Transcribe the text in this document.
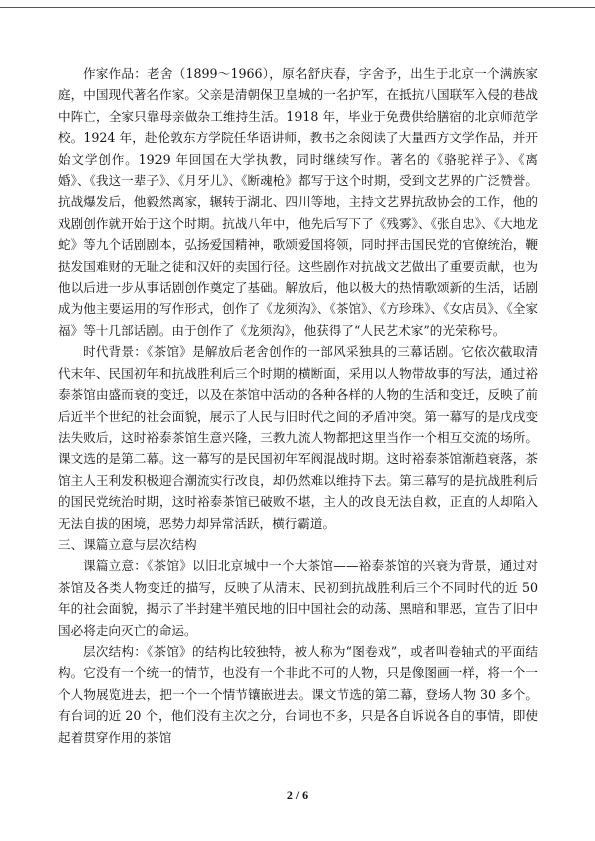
作家作品：老舍（1899～1966），原名舒庆春，字舍予，出生于北京一个满族家庭，中国现代著名作家。父亲是清朝保卫皇城的一名护军，在抵抗八国联军入侵的巷战中阵亡，全家只靠母亲做杂工维持生活。1918 年，毕业于免费供给膳宿的北京师范学校。1924 年，赴伦敦东方学院任华语讲师，教书之余阅读了大量西方文学作品，并开始文学创作。1929 年回国在大学执教，同时继续写作。著名的《骆驼祥子》、《离婚》、《我这一辈子》、《月牙儿》、《断魂枪》都写于这个时期，受到文艺界的广泛赞誉。抗战爆发后，他毅然离家，辗转于湖北、四川等地，主持文艺界抗敌协会的工作，他的戏剧创作就开始于这个时期。抗战八年中，他先后写下了《残雾》、《张自忠》、《大地龙蛇》等九个话剧剧本，弘扬爱国精神，歌颂爱国将领，同时抨击国民党的官僚统治，鞭挞发国难财的无耻之徒和汉奸的卖国行径。这些剧作对抗战文艺做出了重要贡献，也为他以后进一步从事话剧创作奠定了基础。解放后，他以极大的热情歌颂新的生活，话剧成为他主要运用的写作形式，创作了《龙须沟》、《茶馆》、《方珍珠》、《女店员》、《全家福》等十几部话剧。由于创作了《龙须沟》，他获得了“人民艺术家”的光荣称号。

时代背景：《茶馆》是解放后老舍创作的一部风采独具的三幕话剧。它依次截取清代末年、民国初年和抗战胜利后三个时期的横断面，采用以人物带故事的写法，通过裕泰茶馆由盛而衰的变迁，以及在茶馆中活动的各种各样的人物的生活和变迁，反映了前后近半个世纪的社会面貌，展示了人民与旧时代之间的矛盾冲突。第一幕写的是戊戌变法失败后，这时裕泰茶馆生意兴隆，三教九流人物都把这里当作一个相互交流的场所。课文选的是第二幕。这一幕写的是民国初年军阀混战时期。这时裕泰茶馆渐趋衰落，茶馆主人王利发积极迎合潮流实行改良，却仍然难以维持下去。第三幕写的是抗战胜利后的国民党统治时期，这时裕泰茶馆已破败不堪，主人的改良无法自救，正直的人却陷入无法自拔的困境，恶势力却异常活跃，横行霸道。

三、课篇立意与层次结构

课篇立意：《茶馆》以旧北京城中一个大茶馆——裕泰茶馆的兴衰为背景，通过对茶馆及各类人物变迁的描写，反映了从清末、民初到抗战胜利后三个不同时代的近 50 年的社会面貌，揭示了半封建半殖民地的旧中国社会的动荡、黑暗和罪恶，宣告了旧中国必将走向灭亡的命运。

层次结构：《茶馆》的结构比较独特，被人称为“图卷戏”，或者叫卷轴式的平面结构。它没有一个统一的情节，也没有一个非此不可的人物，只是像图画一样，将一个一个人物展览进去，把一个一个情节镶嵌进去。课文节选的第二幕，登场人物 30 多个。有台词的近 20 个，他们没有主次之分，台词也不多，只是各自诉说各自的事情，即使起着贯穿作用的茶馆

2 / 6
